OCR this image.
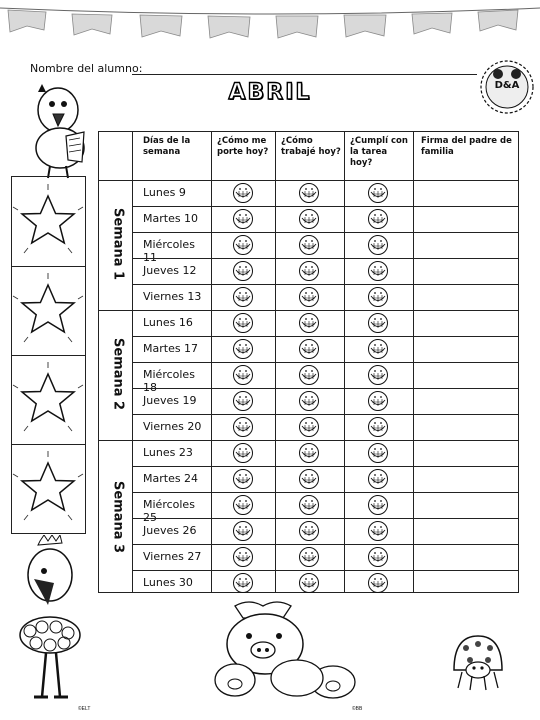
Nombre del alumno:
ABRIL	D&A
Días de la semana
¿Cómo me porte hoy?
¿Cómo trabajé hoy?
¿Cumplí con la tarea hoy?
Firma del padre de familia
Lunes 9
Martes 10
Miércoles 11
Jueves 12
Viernes 13
Lunes 16
Martes 17
Miércoles 18
Jueves 19
Viernes 20
Lunes 23
Martes 24
Miércoles 25
Jueves 26
Viernes 27
Lunes 30
Semana 1
Semana 2
Semana 3
©ELT	©BB
